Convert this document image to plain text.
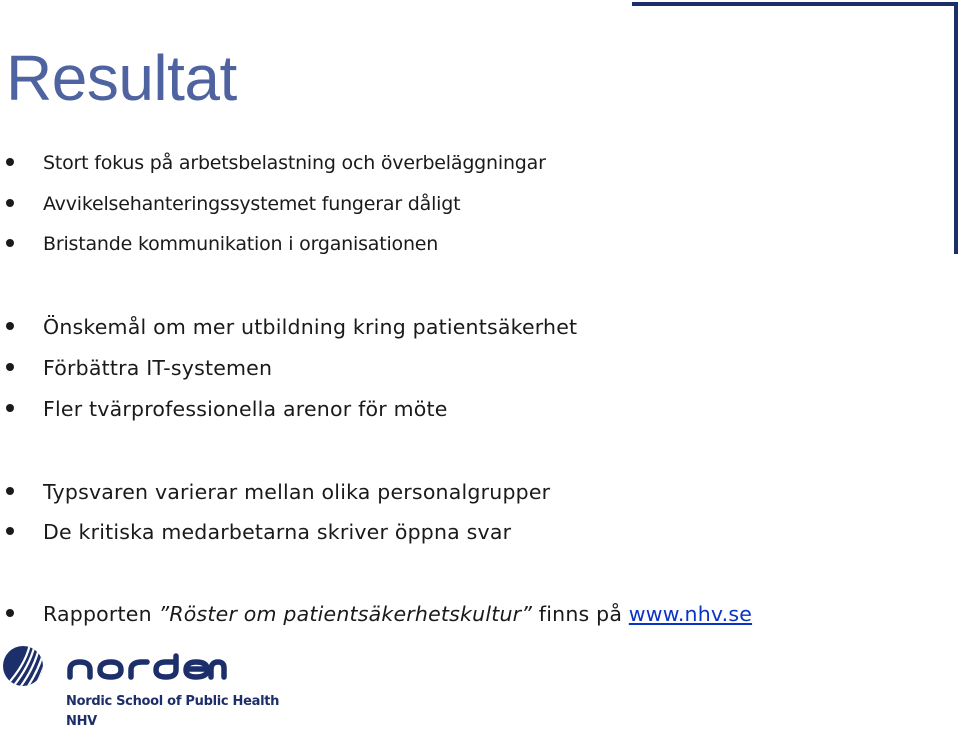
Resultat
Stort fokus på arbetsbelastning och överbeläggningar
Avvikelsehanteringssystemet fungerar dåligt
Bristande kommunikation i organisationen
Önskemål om mer utbildning kring patientsäkerhet
Förbättra IT-systemen
Fler tvärprofessionella arenor för möte
Typsvaren varierar mellan olika personalgrupper
De kritiska medarbetarna skriver öppna svar
Rapporten ”Röster om patientsäkerhetskultur” finns på www.nhv.se
Nordic School of Public Health
NHV
